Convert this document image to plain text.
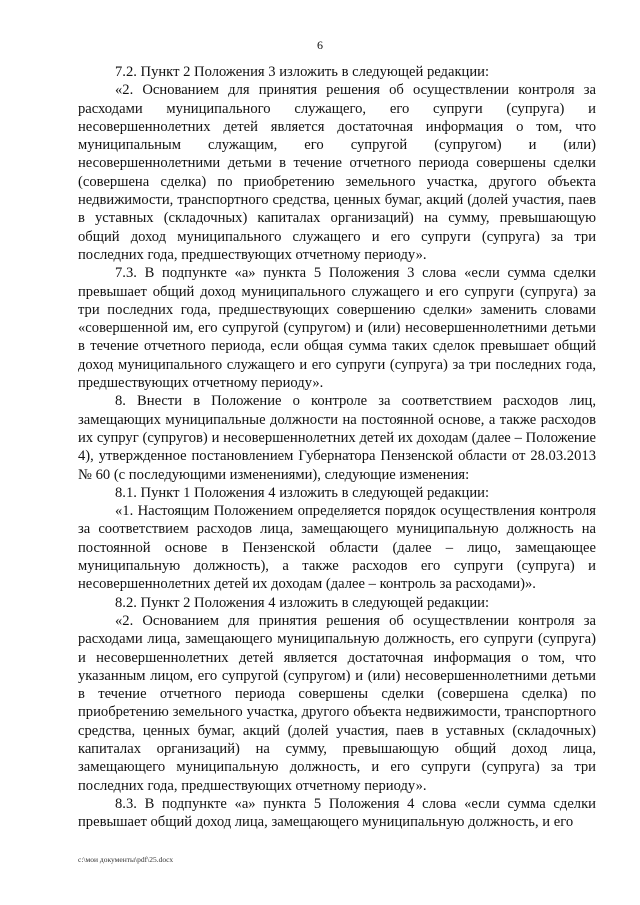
6

7.2. Пункт 2 Положения 3 изложить в следующей редакции:

«2. Основанием для принятия решения об осуществлении контроля за расходами муниципального служащего, его супруги (супруга) и несовершеннолетних детей является достаточная информация о том, что муниципальным служащим, его супругой (супругом) и (или) несовершеннолетними детьми в течение отчетного периода совершены сделки (совершена сделка) по приобретению земельного участка, другого объекта недвижимости, транспортного средства, ценных бумаг, акций (долей участия, паев в уставных (складочных) капиталах организаций) на сумму, превышающую общий доход муниципального служащего и его супруги (супруга) за три последних года, предшествующих отчетному периоду».

7.3. В подпункте «а» пункта 5 Положения 3 слова «если сумма сделки превышает общий доход муниципального служащего и его супруги (супруга) за три последних года, предшествующих совершению сделки» заменить словами «совершенной им, его супругой (супругом) и (или) несовершеннолетними детьми в течение отчетного периода, если общая сумма таких сделок превышает общий доход муниципального служащего и его супруги (супруга) за три последних года, предшествующих отчетному периоду».

8. Внести в Положение о контроле за соответствием расходов лиц, замещающих муниципальные должности на постоянной основе, а также расходов их супруг (супругов) и несовершеннолетних детей их доходам (далее – Положение 4), утвержденное постановлением Губернатора Пензенской области от 28.03.2013 № 60 (с последующими изменениями), следующие изменения:

8.1. Пункт 1 Положения 4 изложить в следующей редакции:

«1. Настоящим Положением определяется порядок осуществления контроля за соответствием расходов лица, замещающего муниципальную должность на постоянной основе в Пензенской области (далее – лицо, замещающее муниципальную должность), а также расходов его супруги (супруга) и несовершеннолетних детей их доходам (далее – контроль за расходами)».

8.2. Пункт 2 Положения 4 изложить в следующей редакции:

«2. Основанием для принятия решения об осуществлении контроля за расходами лица, замещающего муниципальную должность, его супруги (супруга) и несовершеннолетних детей является достаточная информация о том, что указанным лицом, его супругой (супругом) и (или) несовершеннолетними детьми в течение отчетного периода совершены сделки (совершена сделка) по приобретению земельного участка, другого объекта недвижимости, транспортного средства, ценных бумаг, акций (долей участия, паев в уставных (складочных) капиталах организаций) на сумму, превышающую общий доход лица, замещающего муниципальную должность, и его супруги (супруга) за три последних года, предшествующих отчетному периоду».

8.3. В подпункте «а» пункта 5 Положения 4 слова «если сумма сделки превышает общий доход лица, замещающего муниципальную должность, и его

c:\мои документы\pdf\25.docx
